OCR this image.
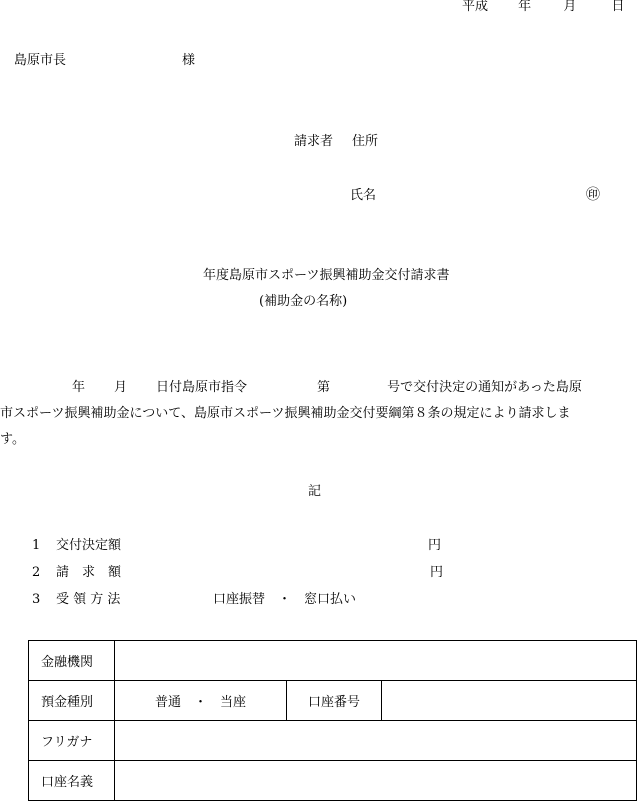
平成 年 月	日
島原市長	様
請求者 住所
氏名	㊞
年度島原市スポーツ振興補助金交付請求書
(補助金の名称)
年 月 日付島原市指令	第	号で交付決定の通知があった島原
市スポーツ振興補助金について、島原市スポーツ振興補助金交付要綱第８条の規定により請求しま
す。
記
1 交付決定額	円
2 請　求　額	円
3 受 領 方 法	口座振替　・　窓口払い
金融機関			
預金種別	普通　・　当座	口座番号	
フリガナ			
口座名義			
